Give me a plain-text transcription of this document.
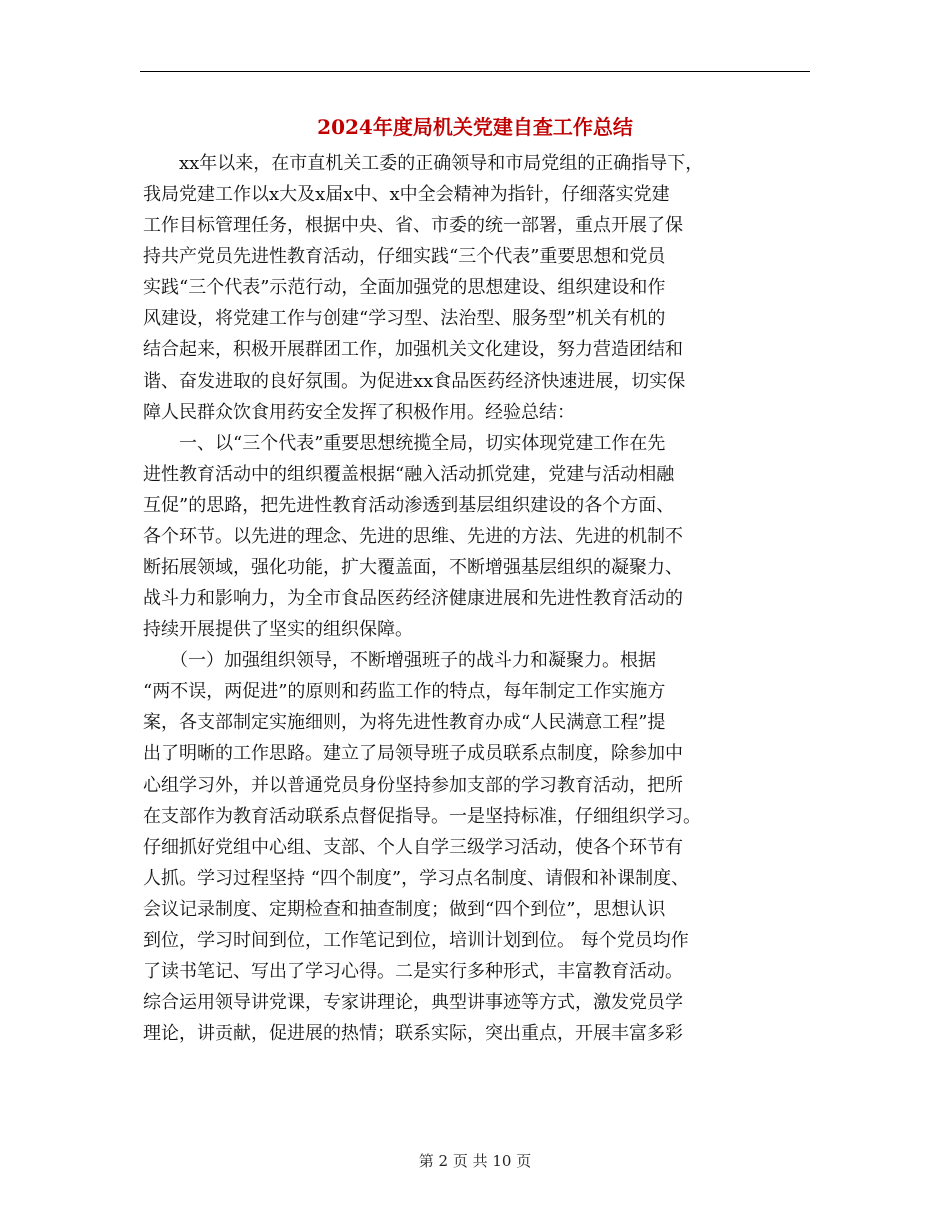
2024年度局机关党建自查工作总结
　　xx年以来，在市直机关工委的正确领导和市局党组的正确指导下，
我局党建工作以x大及x届x中、x中全会精神为指针，仔细落实党建
工作目标管理任务，根据中央、省、市委的统一部署，重点开展了保
持共产党员先进性教育活动，仔细实践“三个代表”重要思想和党员
实践“三个代表”示范行动，全面加强党的思想建设、组织建设和作
风建设，将党建工作与创建“学习型、法治型、服务型”机关有机的
结合起来，积极开展群团工作，加强机关文化建设，努力营造团结和
谐、奋发进取的良好氛围。为促进xx食品医药经济快速进展，切实保
障人民群众饮食用药安全发挥了积极作用。经验总结：
　　一、以“三个代表”重要思想统揽全局，切实体现党建工作在先
进性教育活动中的组织覆盖根据“融入活动抓党建，党建与活动相融
互促”的思路，把先进性教育活动渗透到基层组织建设的各个方面、
各个环节。以先进的理念、先进的思维、先进的方法、先进的机制不
断拓展领域，强化功能，扩大覆盖面，不断增强基层组织的凝聚力、
战斗力和影响力，为全市食品医药经济健康进展和先进性教育活动的
持续开展提供了坚实的组织保障。
　　（一）加强组织领导，不断增强班子的战斗力和凝聚力。根据
“两不误，两促进”的原则和药监工作的特点，每年制定工作实施方
案，各支部制定实施细则，为将先进性教育办成“人民满意工程”提
出了明晰的工作思路。建立了局领导班子成员联系点制度，除参加中
心组学习外，并以普通党员身份坚持参加支部的学习教育活动，把所
在支部作为教育活动联系点督促指导。一是坚持标准，仔细组织学习。
仔细抓好党组中心组、支部、个人自学三级学习活动，使各个环节有
人抓。学习过程坚持 “四个制度”，学习点名制度、请假和补课制度、
会议记录制度、定期检查和抽查制度；做到“四个到位”，思想认识
到位，学习时间到位，工作笔记到位，培训计划到位。 每个党员均作
了读书笔记、写出了学习心得。二是实行多种形式，丰富教育活动。
综合运用领导讲党课，专家讲理论，典型讲事迹等方式，激发党员学
理论，讲贡献，促进展的热情；联系实际，突出重点，开展丰富多彩
第 2 页 共 10 页
